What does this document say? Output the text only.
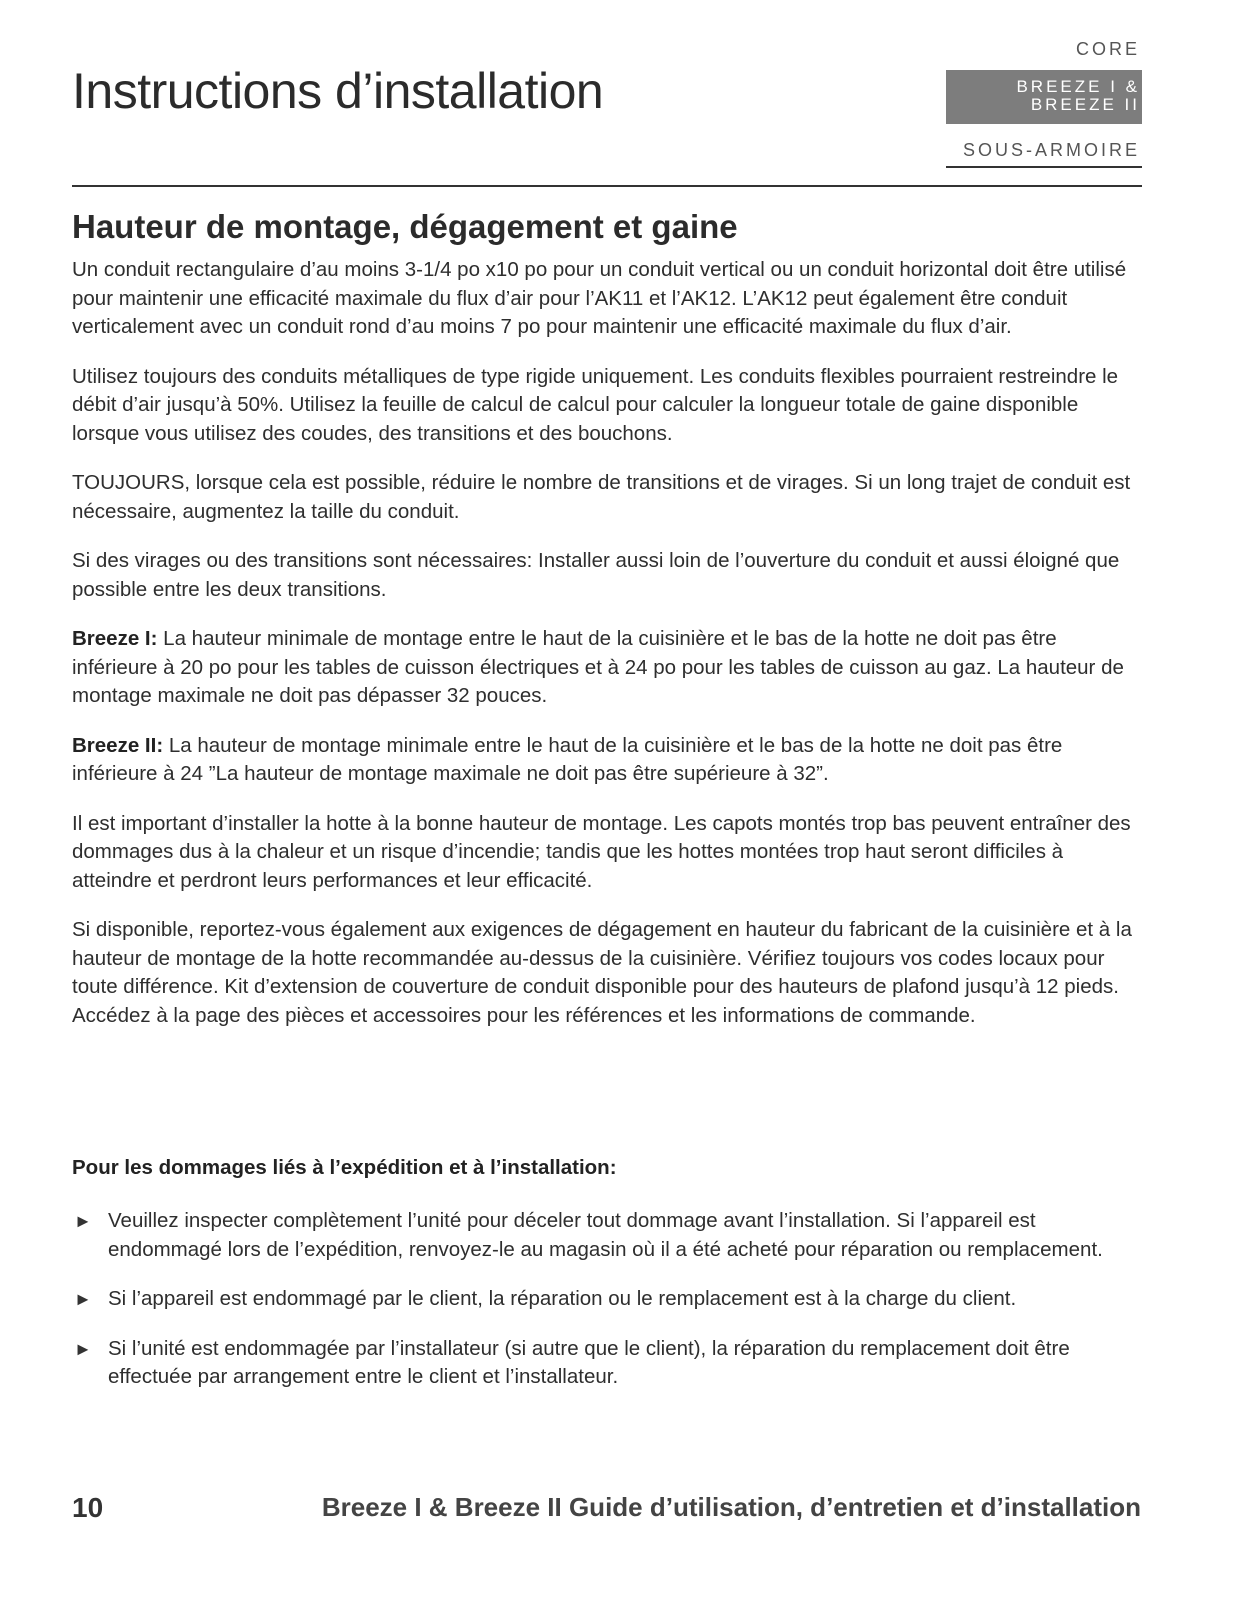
Instructions d’installation
CORE
BREEZE I &
BREEZE II
SOUS-ARMOIRE
Hauteur de montage, dégagement et gaine

Un conduit rectangulaire d’au moins 3-1/4 po x10 po pour un conduit vertical ou un conduit horizontal doit être utilisé pour maintenir une efficacité maximale du flux d’air pour l’AK11 et l’AK12. L’AK12 peut également être conduit verticalement avec un conduit rond d’au moins 7 po pour maintenir une efficacité maximale du flux d’air.

Utilisez toujours des conduits métalliques de type rigide uniquement. Les conduits flexibles pourraient restreindre le débit d’air jusqu’à 50%. Utilisez la feuille de calcul de calcul pour calculer la longueur totale de gaine disponible lorsque vous utilisez des coudes, des transitions et des bouchons.

TOUJOURS, lorsque cela est possible, réduire le nombre de transitions et de virages. Si un long trajet de conduit est nécessaire, augmentez la taille du conduit.

Si des virages ou des transitions sont nécessaires: Installer aussi loin de l’ouverture du conduit et aussi éloigné que possible entre les deux transitions.

Breeze I: La hauteur minimale de montage entre le haut de la cuisinière et le bas de la hotte ne doit pas être inférieure à 20 po pour les tables de cuisson électriques et à 24 po pour les tables de cuisson au gaz. La hauteur de montage maximale ne doit pas dépasser 32 pouces.

Breeze II: La hauteur de montage minimale entre le haut de la cuisinière et le bas de la hotte ne doit pas être inférieure à 24 ”La hauteur de montage maximale ne doit pas être supérieure à 32”.

Il est important d’installer la hotte à la bonne hauteur de montage. Les capots montés trop bas peuvent entraîner des dommages dus à la chaleur et un risque d’incendie; tandis que les hottes montées trop haut seront difficiles à atteindre et perdront leurs performances et leur efficacité.

Si disponible, reportez-vous également aux exigences de dégagement en hauteur du fabricant de la cuisinière et à la hauteur de montage de la hotte recommandée au-dessus de la cuisinière. Vérifiez toujours vos codes locaux pour toute différence. Kit d’extension de couverture de conduit disponible pour des hauteurs de plafond jusqu’à 12 pieds. Accédez à la page des pièces et accessoires pour les références et les informations de commande.

Pour les dommages liés à l’expédition et à l’installation:
► Veuillez inspecter complètement l’unité pour déceler tout dommage avant l’installation. Si l’appareil est endommagé lors de l’expédition, renvoyez-le au magasin où il a été acheté pour réparation ou remplacement.
► Si l’appareil est endommagé par le client, la réparation ou le remplacement est à la charge du client.
► Si l’unité est endommagée par l’installateur (si autre que le client), la réparation du remplacement doit être effectuée par arrangement entre le client et l’installateur.
10	Breeze I & Breeze II Guide d’utilisation, d’entretien et d’installation
